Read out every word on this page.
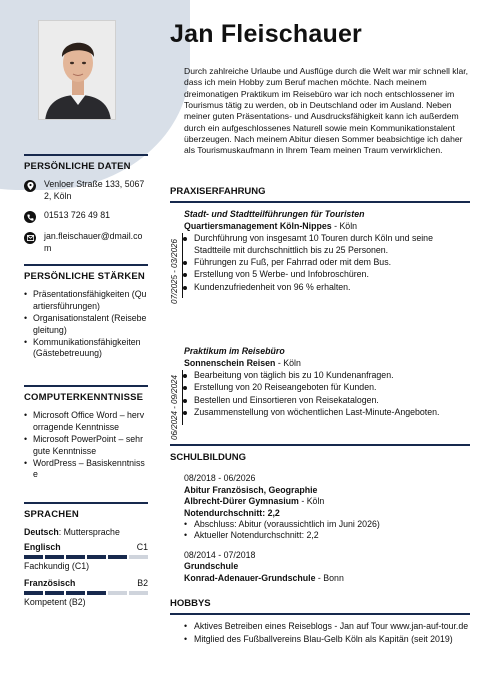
Jan Fleischauer

Durch zahlreiche Urlaube und Ausflüge durch die Welt war mir schnell klar, dass ich mein Hobby zum Beruf machen möchte. Nach meinem dreimonatigen Praktikum im Reisebüro war ich noch entschlossener im Tourismus tätig zu werden, ob in Deutschland oder im Ausland. Neben meiner guten Präsentations- und Ausdrucksfähigkeit kann ich außerdem durch ein aufgeschlossenes Naturell sowie mein Kommunikationstalent überzeugen. Nach meinem Abitur diesen Sommer beabsichtige ich daher als Tourismuskaufmann in Ihrem Team meinen Traum verwirklichen.

PERSÖNLICHE DATEN
Venloer Straße 133, 50672, Köln
01513 726 49 81
jan.fleischauer@dmail.com
PERSÖNLICHE STÄRKEN
• Präsentationsfähigkeiten (Quartiersführungen)
• Organisationstalent (Reisebegleitung)
• Kommunikationsfähigkeiten (Gästebetreuung)
COMPUTERKENNTNISSE
• Microsoft Office Word – hervorragende Kenntnisse
• Microsoft PowerPoint – sehr gute Kenntnisse
• WordPress – Basiskenntnisse
SPRACHEN
Deutsch: Muttersprache
Englisch	C1
Fachkundig (C1)
Französisch	B2
Kompetent (B2)
PRAXISERFAHRUNG
Stadt- und Stadtteilführungen für Touristen
Quartiersmanagement Köln-Nippes - Köln
07/2025 - 03/2026
Durchführung von insgesamt 10 Touren durch Köln und seine Stadtteile mit durchschnittlich bis zu 25 Personen.
Führungen zu Fuß, per Fahrrad oder mit dem Bus.
Erstellung von 5 Werbe- und Infobroschüren.
Kundenzufriedenheit von 96 % erhalten.
Praktikum im Reisebüro
Sonnenschein Reisen - Köln
06/2024 - 09/2024
Bearbeitung von täglich bis zu 10 Kundenanfragen.
Erstellung von 20 Reiseangeboten für Kunden.
Bestellen und Einsortieren von Reisekatalogen.
Zusammenstellung von wöchentlichen Last-Minute-Angeboten.
SCHULBILDUNG
08/2018 - 06/2026
Abitur Französisch, Geographie
Albrecht-Dürer Gymnasium - Köln
Notendurchschnitt: 2,2
• Abschluss: Abitur (voraussichtlich im Juni 2026)
• Aktueller Notendurchschnitt: 2,2
08/2014 - 07/2018
Grundschule
Konrad-Adenauer-Grundschule - Bonn
HOBBYS
• Aktives Betreiben eines Reiseblogs - Jan auf Tour www.jan-auf-tour.de
• Mitglied des Fußballvereins Blau-Gelb Köln als Kapitän (seit 2019)
